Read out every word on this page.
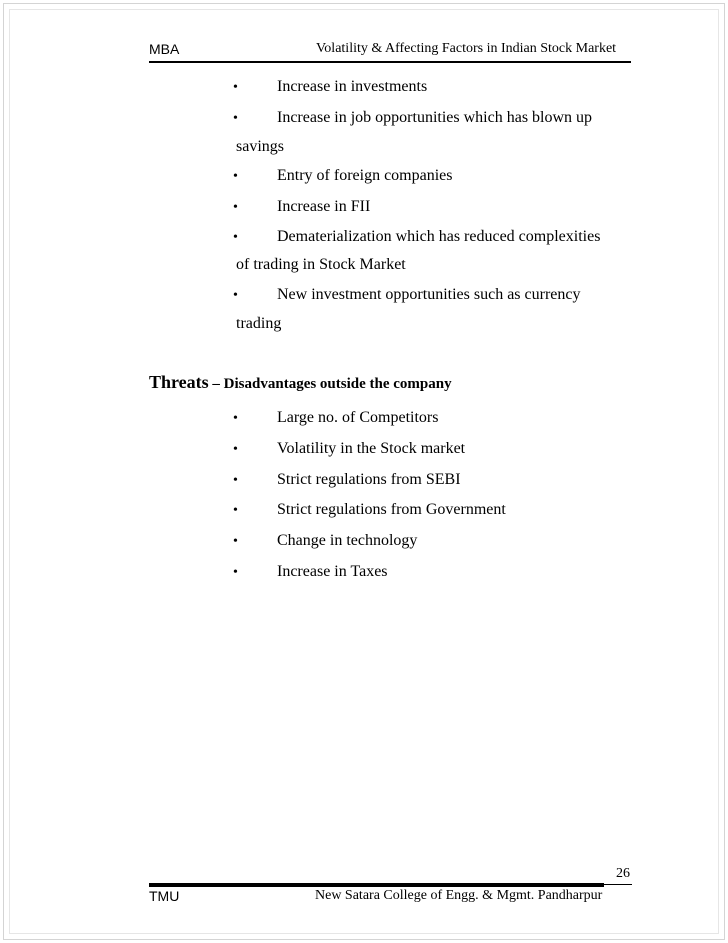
MBA	Volatility & Affecting Factors in Indian Stock Market
• Increase in investments
• Increase in job opportunities which has blown up
savings
• Entry of foreign companies
• Increase in FII
• Dematerialization which has reduced complexities
of trading in Stock Market
• New investment opportunities such as currency
trading
Threats – Disadvantages outside the company
• Large no. of Competitors
• Volatility in the Stock market
• Strict regulations from SEBI
• Strict regulations from Government
• Change in technology
• Increase in Taxes
26
TMU	New Satara College of Engg. & Mgmt. Pandharpur
